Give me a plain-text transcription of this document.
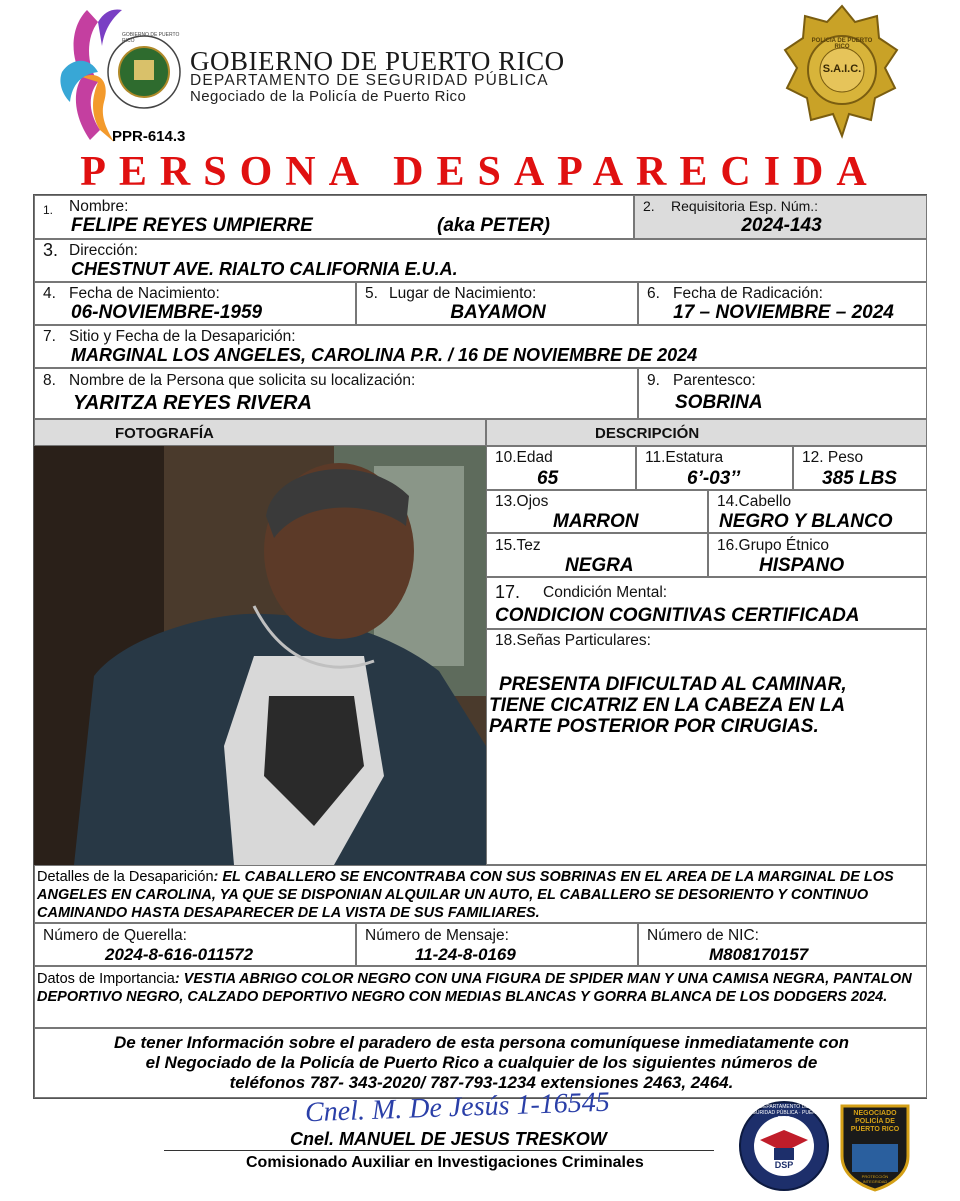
GOBIERNO DE PUERTO RICO
GOBIERNO DE PUERTO RICO
DEPARTAMENTO DE SEGURIDAD PÚBLICA
Negociado de la Policía de Puerto Rico
PPR-614.3
POLICIA DE PUERTO RICO
S.A.I.C.
PERSONA DESAPARECIDA
1. Nombre:
FELIPE REYES UMPIERRE	(aka PETER)
2. Requisitoria Esp. Núm.:
2024-143
3. Dirección:
CHESTNUT AVE. RIALTO CALIFORNIA E.U.A.
4. Fecha de Nacimiento:
06-NOVIEMBRE-1959
5. Lugar de Nacimiento:
BAYAMON
6. Fecha de Radicación:
17 – NOVIEMBRE – 2024
7. Sitio y Fecha de la Desaparición:
MARGINAL LOS ANGELES, CAROLINA P.R. / 16 DE NOVIEMBRE DE 2024
8. Nombre de la Persona que solicita su localización:
YARITZA REYES RIVERA
9. Parentesco:
SOBRINA
FOTOGRAFÍA	DESCRIPCIÓN
10.Edad
65
11.Estatura
6’-03’’
12. Peso
385 LBS
13.Ojos
MARRON
14.Cabello
NEGRO Y BLANCO
15.Tez
NEGRA
16.Grupo Étnico
HISPANO
17. Condición Mental:
CONDICION COGNITIVAS CERTIFICADA
18.Señas Particulares:
PRESENTA DIFICULTAD AL CAMINAR,
TIENE CICATRIZ EN LA CABEZA EN LA
PARTE POSTERIOR POR CIRUGIAS.
Detalles de la Desaparición: EL CABALLERO SE ENCONTRABA CON SUS SOBRINAS EN EL AREA DE LA MARGINAL DE LOS ANGELES EN CAROLINA, YA QUE SE DISPONIAN ALQUILAR UN AUTO, EL CABALLERO SE DESORIENTO Y CONTINUO CAMINANDO HASTA DESAPARECER DE LA VISTA DE SUS FAMILIARES.
Número de Querella:
2024-8-616-011572
Número de Mensaje:
11-24-8-0169
Número de NIC:
M808170157
Datos de Importancia: VESTIA ABRIGO COLOR NEGRO CON UNA FIGURA DE SPIDER MAN Y UNA CAMISA NEGRA, PANTALON DEPORTIVO NEGRO, CALZADO DEPORTIVO NEGRO CON MEDIAS BLANCAS Y GORRA BLANCA DE LOS DODGERS 2024.
De tener Información sobre el paradero de esta persona comuníquese inmediatamente con
el Negociado de la Policía de Puerto Rico a cualquier de los siguientes números de
teléfonos 787- 343-2020/ 787-793-1234 extensiones 2463, 2464.
Cnel. M. De Jesús 1-16545
Cnel. MANUEL DE JESUS TRESKOW
Comisionado Auxiliar en Investigaciones Criminales
DEPARTAMENTO DE SEGURIDAD PÚBLICA · PUERTO RICO
DSP
NEGOCIADO POLICÍA DE PUERTO RICO
PROTECCIÓN INTEGRIDAD
